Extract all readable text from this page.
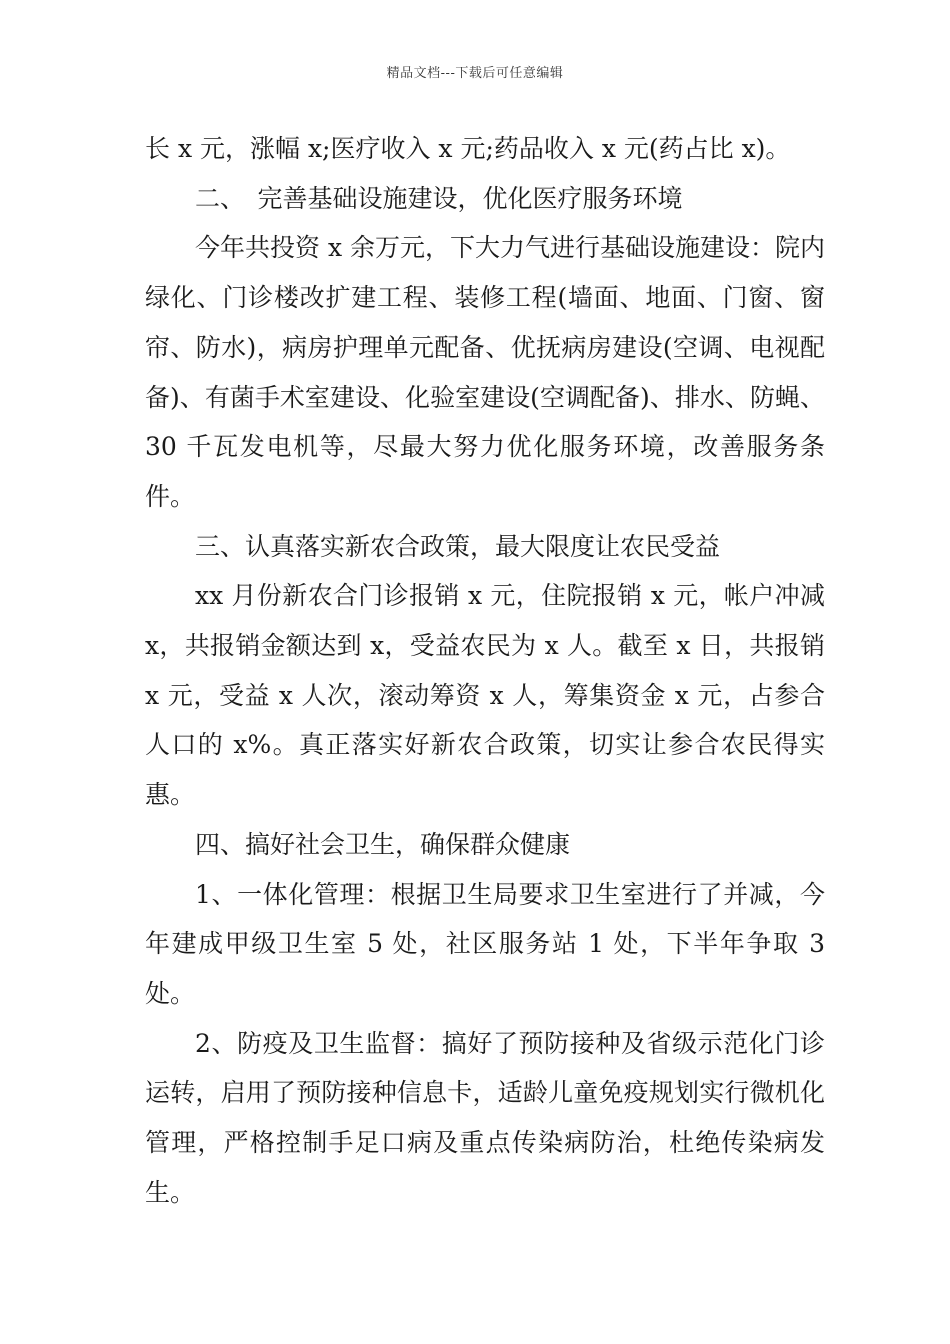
精品文档---下载后可任意编辑

长 x 元，涨幅 x;医疗收入 x 元;药品收入 x 元(药占比 x)。

二、　完善基础设施建设，优化医疗服务环境

今年共投资 x 余万元，下大力气进行基础设施建设：院内绿化、门诊楼改扩建工程、装修工程(墙面、地面、门窗、窗帘、防水)，病房护理单元配备、优抚病房建设(空调、电视配备)、有菌手术室建设、化验室建设(空调配备)、排水、防蝇、30 千瓦发电机等，尽最大努力优化服务环境，改善服务条件。

三、认真落实新农合政策，最大限度让农民受益

xx 月份新农合门诊报销 x 元，住院报销 x 元，帐户冲减 x，共报销金额达到 x，受益农民为 x 人。截至 x 日，共报销 x 元，受益 x 人次，滚动筹资 x 人，筹集资金 x 元，占参合人口的 x%。真正落实好新农合政策，切实让参合农民得实惠。

四、搞好社会卫生，确保群众健康

1、一体化管理：根据卫生局要求卫生室进行了并减，今年建成甲级卫生室 5 处，社区服务站 1 处，下半年争取 3 处。

2、防疫及卫生监督：搞好了预防接种及省级示范化门诊运转，启用了预防接种信息卡，适龄儿童免疫规划实行微机化管理，严格控制手足口病及重点传染病防治，杜绝传染病发生。
